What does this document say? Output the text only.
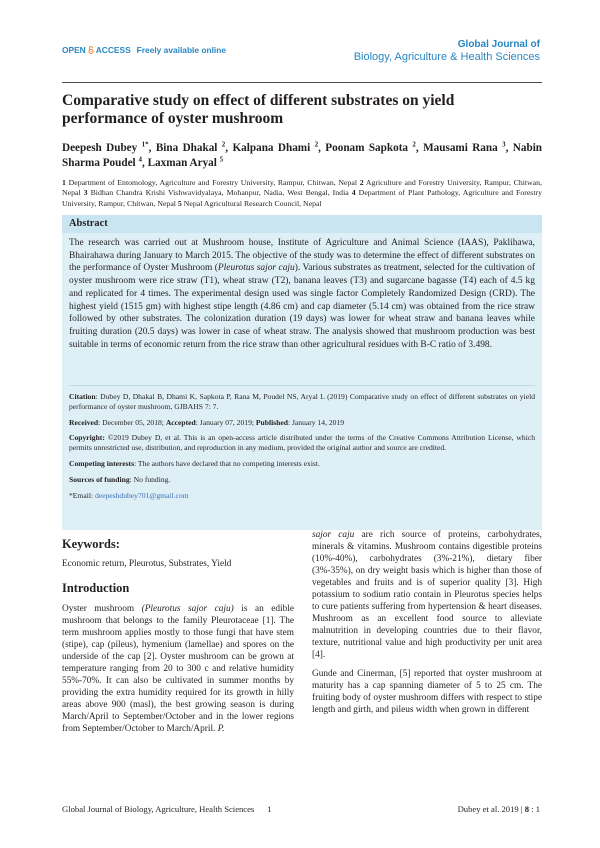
OPEN ACCESS Freely available online	Global Journal of
Biology, Agriculture & Health Sciences
Comparative study on effect of different substrates on yield performance of oyster mushroom
Deepesh Dubey $^{1*}$, Bina Dhakal $^2$, Kalpana Dhami $^2$, Poonam Sapkota $^2$, Mausami Rana $^3$, Nabin Sharma Poudel $^4$, Laxman Aryal $^5$
1 Department of Entomology, Agriculture and Forestry University, Rampur, Chitwan, Nepal 2 Agriculture and Forestry University, Rampur, Chitwan, Nepal 3 Bidhan Chandra Krishi Vishwavidyalaya, Mohanpur, Nadia, West Bengal, India 4 Department of Plant Pathology, Agriculture and Forestry University, Rampur, Chitwan, Nepal 5 Nepal Agricultural Research Council, Nepal
Abstract
The research was carried out at Mushroom house, Institute of Agriculture and Animal Science (IAAS), Paklihawa, Bhairahawa during January to March 2015. The objective of the study was to determine the effect of different substrates on the performance of Oyster Mushroom (Pleurotus sajor caju). Various substrates as treatment, selected for the cultivation of oyster mushroom were rice straw (T1), wheat straw (T2), banana leaves (T3) and sugarcane bagasse (T4) each of 4.5 kg and replicated for 4 times. The experimental design used was single factor Completely Randomized Design (CRD). The highest yield (1515 gm) with highest stipe length (4.86 cm) and cap diameter (5.14 cm) was obtained from the rice straw followed by other substrates. The colonization duration (19 days) was lower for wheat straw and banana leaves while fruiting duration (20.5 days) was lower in case of wheat straw. The analysis showed that mushroom production was best suitable in terms of economic return from the rice straw than other agricultural residues with B-C ratio of 3.498.
Citation: Dubey D, Dhakal B, Dhami K, Sapkota P, Rana M, Poudel NS, Aryal L (2019) Comparative study on effect of different substrates on yield performance of oyster mushroom, GJBAHS 7: 7.
Received: December 05, 2018; Accepted: January 07, 2019; Published: January 14, 2019
Copyright: ©2019 Dubey D, et al. This is an open-access article distributed under the terms of the Creative Commons Attribution License, which permits unrestricted use, distribution, and reproduction in any medium, provided the original author and source are credited.
Competing interests: The authors have declared that no competing interests exist.
Sources of funding: No funding.
*Email: deepeshdubey701@gmail.com
Keywords:
Economic return, Pleurotus, Substrates, Yield
Introduction
Oyster mushroom (Pleurotus sajor caju) is an edible mushroom that belongs to the family Pleurotaceae [1]. The term mushroom applies mostly to those fungi that have stem (stipe), cap (pileus), hymenium (lamellae) and spores on the underside of the cap [2]. Oyster mushroom can be grown at temperature ranging from 20 to 300 c and relative humidity 55%-70%. It can also be cultivated in summer months by providing the extra humidity required for its growth in hilly areas above 900 (masl), the best growing season is during March/April to September/October and in the lower regions from September/October to March/April. P.
sajor caju are rich source of proteins, carbohydrates, minerals & vitamins. Mushroom contains digestible proteins (10%-40%), carbohydrates (3%-21%), dietary fiber (3%-35%), on dry weight basis which is higher than those of vegetables and fruits and is of superior quality [3]. High potassium to sodium ratio contain in Pleurotus species helps to cure patients suffering from hypertension & heart diseases. Mushroom as an excellent food source to alleviate malnutrition in developing countries due to their flavor, texture, nutritional value and high productivity per unit area [4].
Gunde and Cinerman, [5] reported that oyster mushroom at maturity has a cap spanning diameter of 5 to 25 cm. The fruiting body of oyster mushroom differs with respect to stipe length and girth, and pileus width when grown in different
Global Journal of Biology, Agriculture, Health Sciences 1	Dubey et al. 2019 | 8 : 1
